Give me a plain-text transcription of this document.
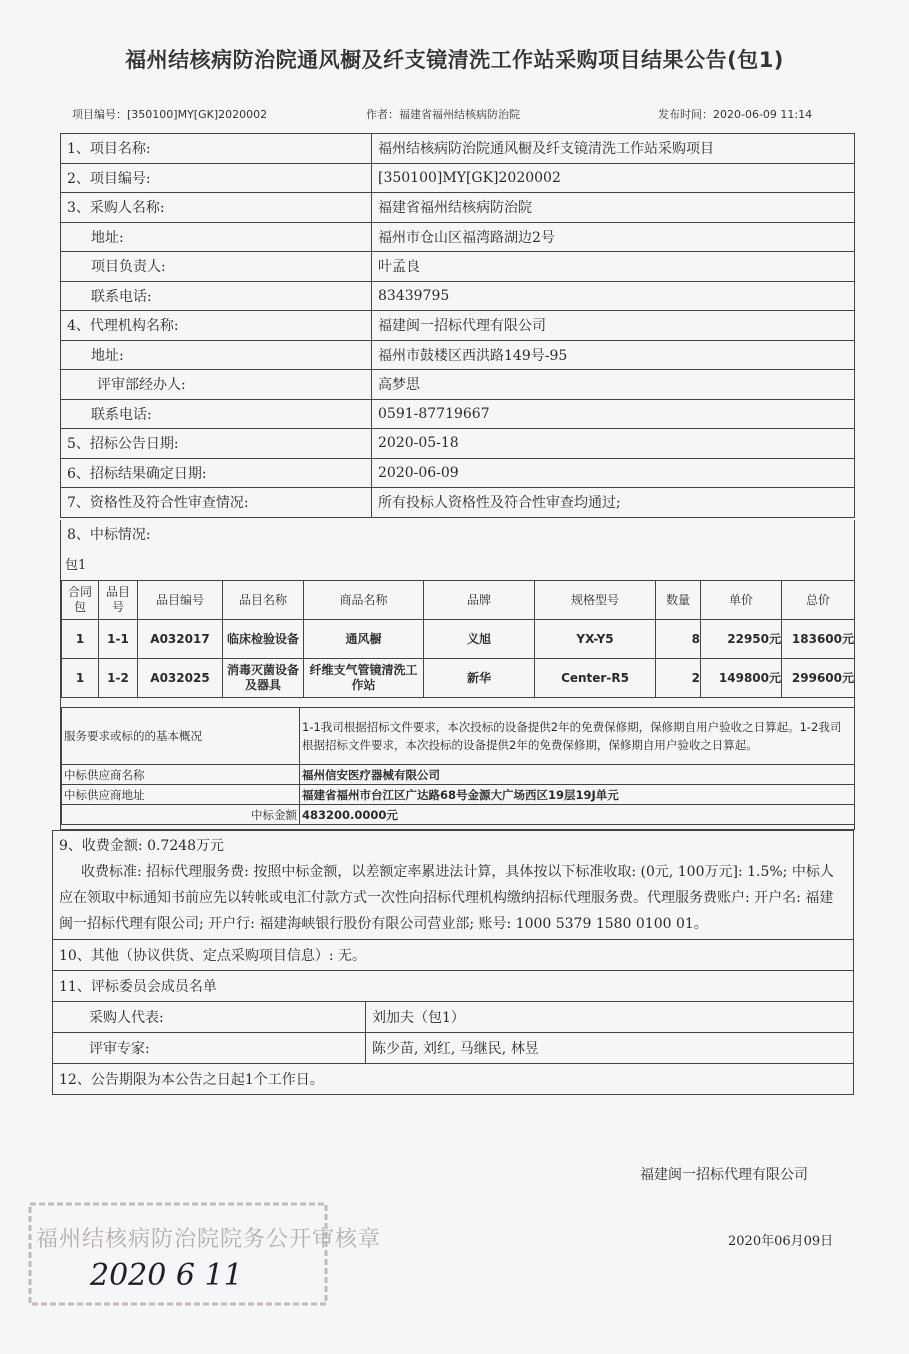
福州结核病防治院通风橱及纤支镜清洗工作站采购项目结果公告(包1)
项目编号：[350100]MY[GK]2020002	作者：福建省福州结核病防治院	发布时间：2020-06-09 11:14
1、项目名称:	福州结核病防治院通风橱及纤支镜清洗工作站采购项目
2、项目编号:	[350100]MY[GK]2020002
3、采购人名称:	福建省福州结核病防治院
地址:	福州市仓山区福湾路湖边2号
项目负责人:	叶孟良
联系电话:	83439795
4、代理机构名称:	福建闽一招标代理有限公司
地址:	福州市鼓楼区西洪路149号-95
评审部经办人:	高梦思
联系电话:	0591-87719667
5、招标公告日期:	2020-05-18
6、招标结果确定日期:	2020-06-09
7、资格性及符合性审查情况:	所有投标人资格性及符合性审查均通过;
8、中标情况:
包1
合同包	品目号	品目编号	品目名称	商品名称	品牌	规格型号	数量	单价	总价
1	1-1	A032017	临床检验设备	通风橱	义旭	YX-Y5	8	22950元	183600元
1	1-2	A032025	消毒灭菌设备及器具	纤维支气管镜清洗工作站	新华	Center-R5	2	149800元	299600元
服务要求或标的的基本概况	1-1我司根据招标文件要求，本次投标的设备提供2年的免费保修期，保修期自用户验收之日算起。1-2我司根据招标文件要求，本次投标的设备提供2年的免费保修期，保修期自用户验收之日算起。
中标供应商名称	福州信安医疗器械有限公司
中标供应商地址	福建省福州市台江区广达路68号金源大广场西区19层19J单元
中标金额	483200.0000元
9、收费金额: 0.7248万元
收费标准: 招标代理服务费: 按照中标金额，以差额定率累进法计算，具体按以下标准收取: (0元, 100万元]: 1.5%; 中标人应在领取中标通知书前应先以转帐或电汇付款方式一次性向招标代理机构缴纳招标代理服务费。代理服务费账户: 开户名: 福建闽一招标代理有限公司; 开户行: 福建海峡银行股份有限公司营业部; 账号: 1000 5379 1580 0100 01。	

10、其他（协议供货、定点采购项目信息）: 无。	
11、评标委员会成员名单	
采购人代表:	刘加夫（包1）
评审专家:	陈少苗, 刘红, 马继民, 林昱
12、公告期限为本公告之日起1个工作日。	
福建闽一招标代理有限公司
2020年06月09日
福州结核病防治院院务公开审核章
2020 6 11
